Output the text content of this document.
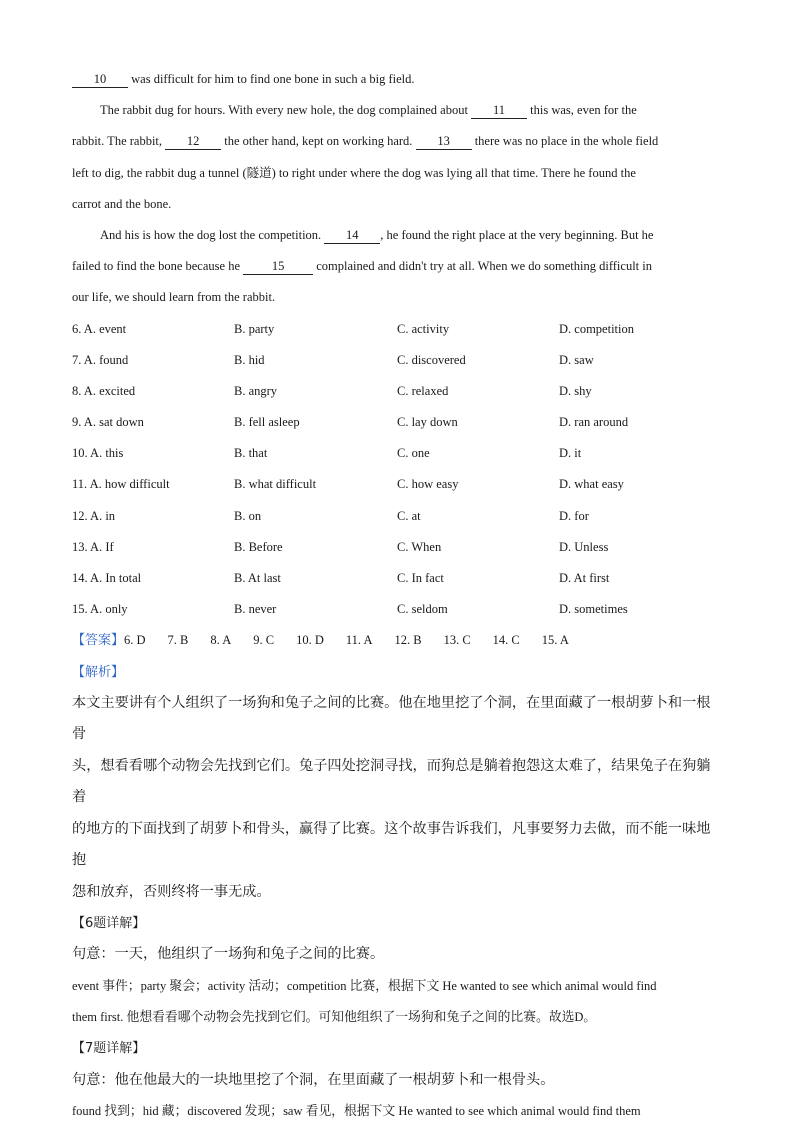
10 was difficult for him to find one bone in such a big field.
The rabbit dug for hours. With every new hole, the dog complained about 11 this was, even for the
rabbit. The rabbit, 12 the other hand, kept on working hard. 13 there was no place in the whole field
left to dig, the rabbit dug a tunnel (隧道) to right under where the dog was lying all that time. There he found the
carrot and the bone.
And his is how the dog lost the competition. 14 , he found the right place at the very beginning. But he
failed to find the bone because he	15	complained and didn't try at all. When we do something difficult in
our life, we should learn from the rabbit.
6. A. event	B. party	C. activity	D. competition
7. A. found	B. hid	C. discovered	D. saw
8. A. excited	B. angry	C. relaxed	D. shy
9. A. sat down	B. fell asleep	C. lay down	D. ran around
10. A. this	B. that	C. one	D. it
11. A. how difficult	B. what difficult	C. how easy	D. what easy
12. A. in	B. on	C. at	D. for
13. A. If	B. Before	C. When	D. Unless
14. A. In total	B. At last	C. In fact	D. At first
15. A. only	B. never	C. seldom	D. sometimes
【答案】6. D 7. B 8. A 9. C 10. D 11. A 12. B 13. C 14. C 15. A
【解析】
本文主要讲有个人组织了一场狗和兔子之间的比赛。他在地里挖了个洞，在里面藏了一根胡萝卜和一根骨
头，想看看哪个动物会先找到它们。兔子四处挖洞寻找，而狗总是躺着抱怨这太难了，结果兔子在狗躺着
的地方的下面找到了胡萝卜和骨头，赢得了比赛。这个故事告诉我们，凡事要努力去做，而不能一味地抱
怨和放弃，否则终将一事无成。
【6题详解】
句意：一天，他组织了一场狗和兔子之间的比赛。
event 事件；party 聚会；activity 活动；competition 比赛，根据下文 He wanted to see which animal would find
them first. 他想看看哪个动物会先找到它们。可知他组织了一场狗和兔子之间的比赛。故选D。
【7题详解】
句意：他在他最大的一块地里挖了个洞，在里面藏了一根胡萝卜和一根骨头。
found 找到；hid 藏；discovered 发现；saw 看见，根据下文 He wanted to see which animal would find them
